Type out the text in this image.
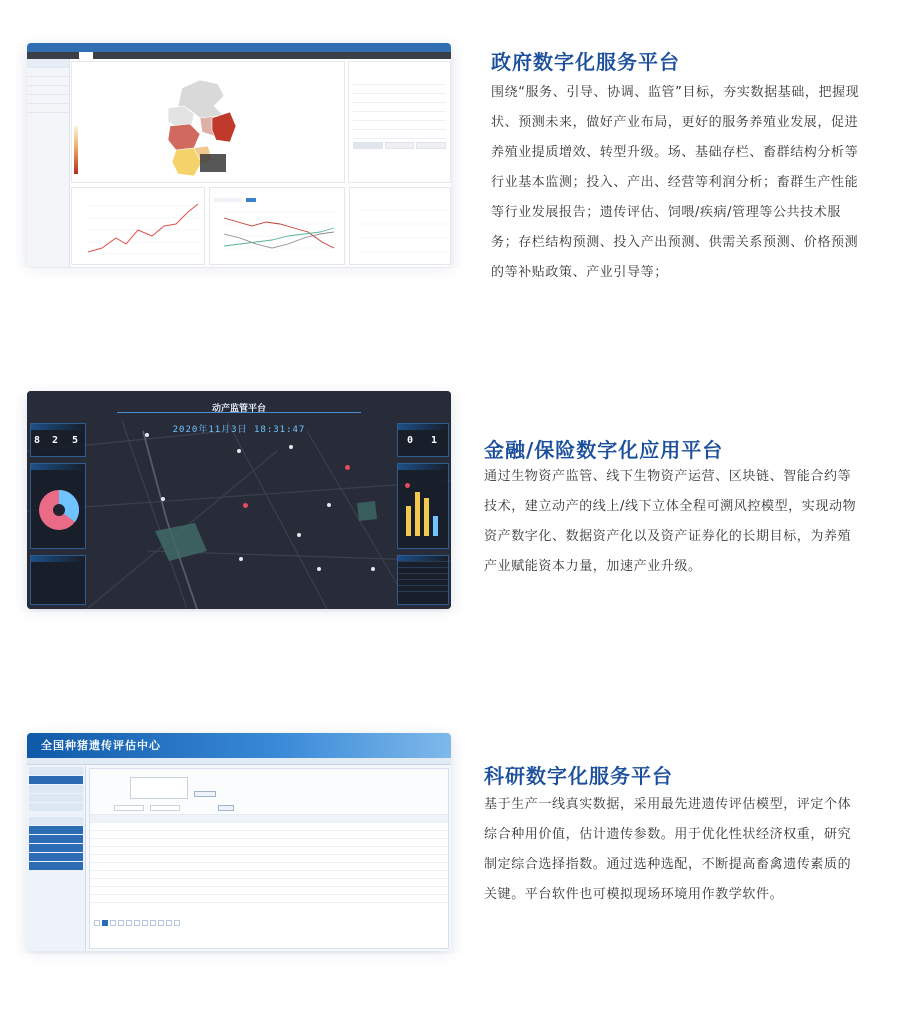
政府数字化服务平台
围绕“服务、引导、协调、监管”目标，夯实数据基础，把握现状、预测未来，做好产业布局，更好的服务养殖业发展，促进养殖业提质增效、转型升级。场、基础存栏、畜群结构分析等行业基本监测；投入、产出、经营等利润分析；畜群生产性能等行业发展报告；遗传评估、饲喂/疾病/管理等公共技术服务；存栏结构预测、投入产出预测、供需关系预测、价格预测的等补贴政策、产业引导等；
动产监管平台
2020年11月3日 18:31:47
8 2 5	0 1 金融/保险数字化应用平台
通过生物资产监管、线下生物资产运营、区块链、智能合约等技术，建立动产的线上/线下立体全程可溯风控模型，实现动物资产数字化、数据资产化以及资产证券化的长期目标，为养殖产业赋能资本力量，加速产业升级。
全国种猪遗传评估中心
科研数字化服务平台
基于生产一线真实数据，采用最先进遗传评估模型，评定个体综合种用价值，估计遗传参数。用于优化性状经济权重，研究制定综合选择指数。通过选种选配，不断提高畜禽遗传素质的关键。平台软件也可模拟现场环境用作教学软件。
